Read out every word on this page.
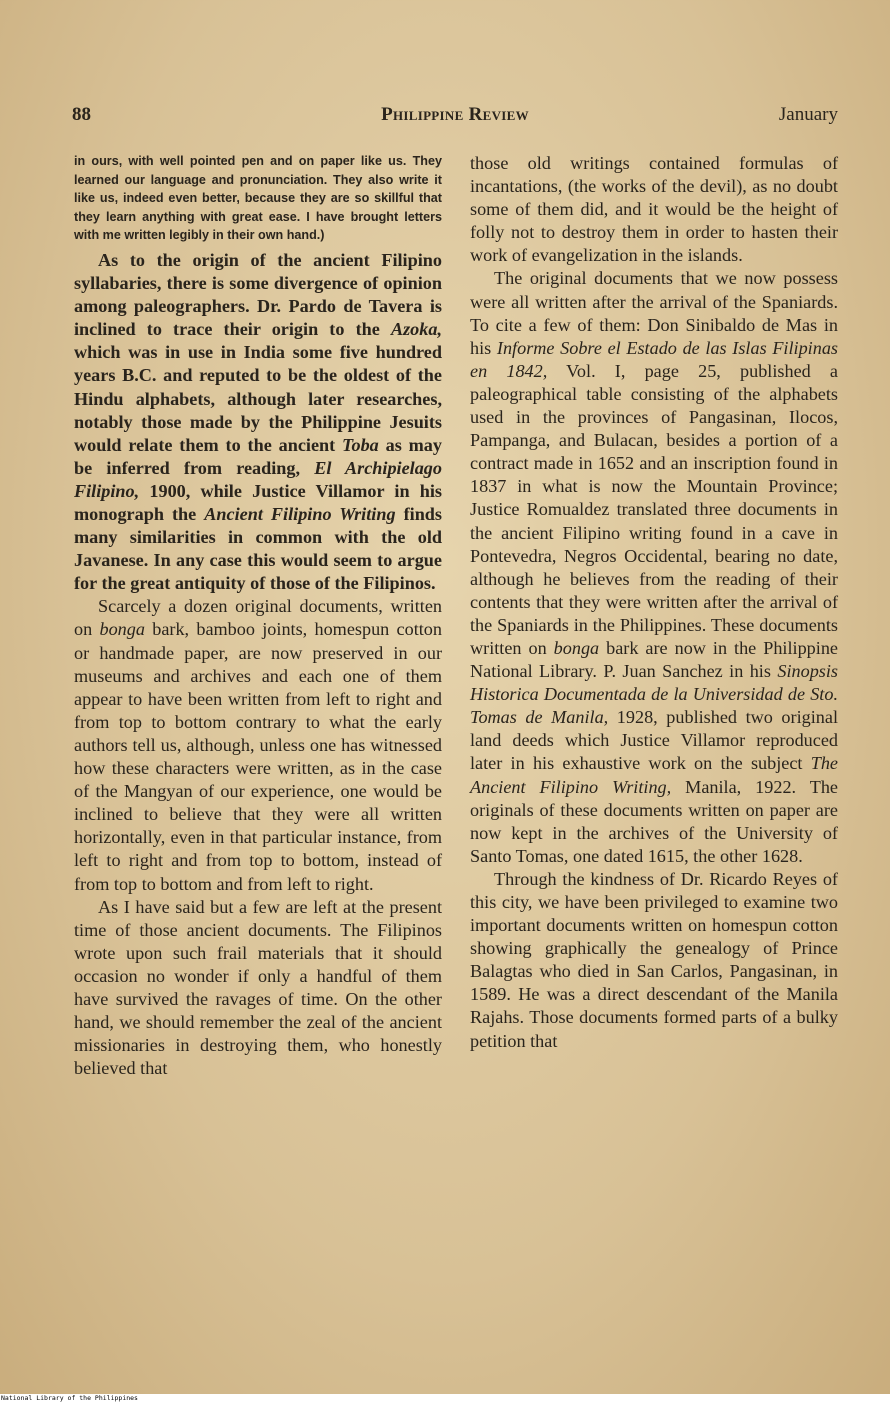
88	Philippine Review	January

in ours, with well pointed pen and on paper like us. They learned our language and pronunciation. They also write it like us, indeed even better, because they are so skillful that they learn anything with great ease. I have brought letters with me written legibly in their own hand.)

As to the origin of the ancient Filipino syllabaries, there is some divergence of opinion among paleographers. Dr. Pardo de Tavera is inclined to trace their origin to the Azoka, which was in use in India some five hundred years B.C. and reputed to be the oldest of the Hindu alphabets, although later researches, notably those made by the Philippine Jesuits would relate them to the ancient Toba as may be inferred from reading, El Archipielago Filipino, 1900, while Justice Villamor in his monograph the Ancient Filipino Writing finds many similarities in common with the old Javanese. In any case this would seem to argue for the great antiquity of those of the Filipinos.

Scarcely a dozen original documents, written on bonga bark, bamboo joints, homespun cotton or handmade paper, are now preserved in our museums and archives and each one of them appear to have been written from left to right and from top to bottom contrary to what the early authors tell us, although, unless one has witnessed how these characters were written, as in the case of the Mangyan of our experience, one would be inclined to believe that they were all written horizontally, even in that particular instance, from left to right and from top to bottom, instead of from top to bottom and from left to right.

As I have said but a few are left at the present time of those ancient documents. The Filipinos wrote upon such frail materials that it should occasion no wonder if only a handful of them have survived the ravages of time. On the other hand, we should remember the zeal of the ancient missionaries in destroying them, who honestly believed that

those old writings contained formulas of incantations, (the works of the devil), as no doubt some of them did, and it would be the height of folly not to destroy them in order to hasten their work of evangelization in the islands.

The original documents that we now possess were all written after the arrival of the Spaniards. To cite a few of them: Don Sinibaldo de Mas in his Informe Sobre el Estado de las Islas Filipinas en 1842, Vol. I, page 25, published a paleographical table consisting of the alphabets used in the provinces of Pangasinan, Ilocos, Pampanga, and Bulacan, besides a portion of a contract made in 1652 and an inscription found in 1837 in what is now the Mountain Province; Justice Romualdez translated three documents in the ancient Filipino writing found in a cave in Pontevedra, Negros Occidental, bearing no date, although he believes from the reading of their contents that they were written after the arrival of the Spaniards in the Philippines. These documents written on bonga bark are now in the Philippine National Library. P. Juan Sanchez in his Sinopsis Historica Documentada de la Universidad de Sto. Tomas de Manila, 1928, published two original land deeds which Justice Villamor reproduced later in his exhaustive work on the subject The Ancient Filipino Writing, Manila, 1922. The originals of these documents written on paper are now kept in the archives of the University of Santo Tomas, one dated 1615, the other 1628.

Through the kindness of Dr. Ricardo Reyes of this city, we have been privileged to examine two important documents written on homespun cotton showing graphically the genealogy of Prince Balagtas who died in San Carlos, Pangasinan, in 1589. He was a direct descendant of the Manila Rajahs. Those documents formed parts of a bulky petition that

National Library of the Philippines
